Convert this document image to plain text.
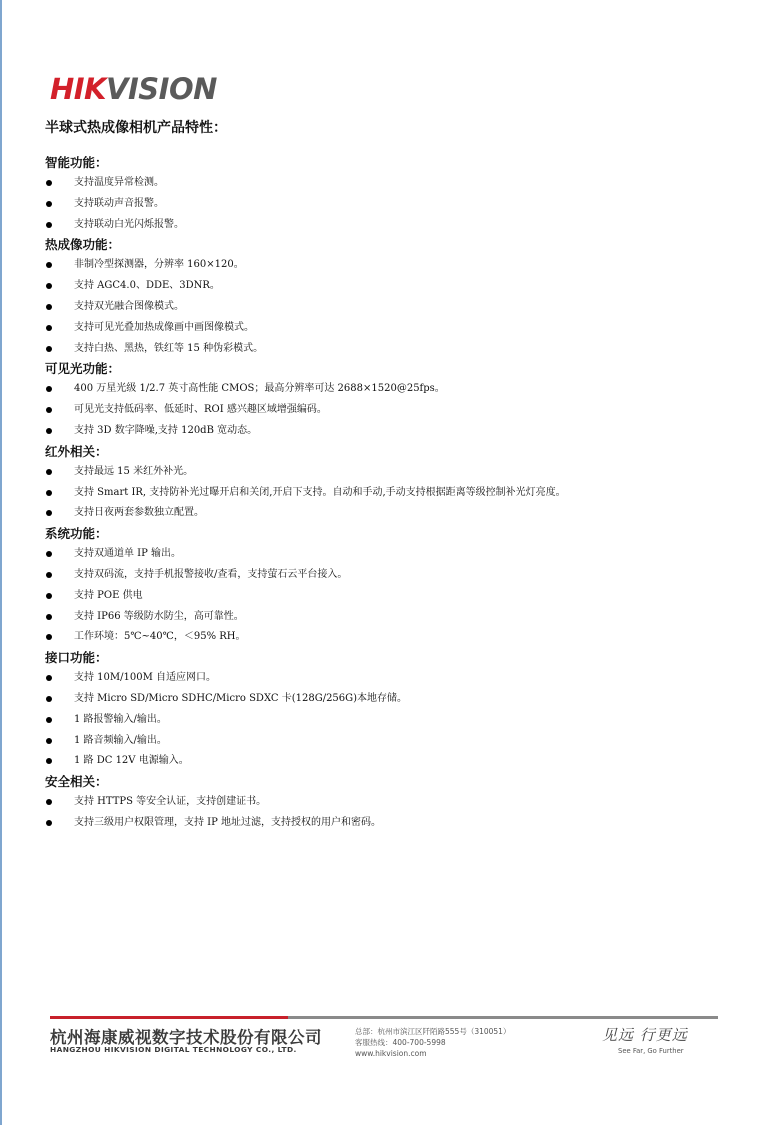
HIKVISION
半球式热成像相机产品特性：
智能功能：
支持温度异常检测。
支持联动声音报警。
支持联动白光闪烁报警。
热成像功能：
非制冷型探测器，分辨率 160×120。
支持 AGC4.0、DDE、3DNR。
支持双光融合图像模式。
支持可见光叠加热成像画中画图像模式。
支持白热、黑热，铁红等 15 种伪彩模式。
可见光功能：
400 万星光级 1/2.7 英寸高性能 CMOS；最高分辨率可达 2688×1520@25fps。
可见光支持低码率、低延时、ROI 感兴趣区域增强编码。
支持 3D 数字降噪,支持 120dB 宽动态。
红外相关：
支持最远 15 米红外补光。
支持 Smart IR, 支持防补光过曝开启和关闭,开启下支持。自动和手动,手动支持根据距离等级控制补光灯亮度。
支持日夜两套参数独立配置。
系统功能：
支持双通道单 IP 输出。
支持双码流，支持手机报警接收/查看，支持萤石云平台接入。
支持 POE 供电
支持 IP66 等级防水防尘，高可靠性。
工作环境：5℃~40℃，＜95% RH。
接口功能：
支持 10M/100M 自适应网口。
支持 Micro SD/Micro SDHC/Micro SDXC 卡(128G/256G)本地存储。
1 路报警输入/输出。
1 路音频输入/输出。
1 路 DC 12V 电源输入。
安全相关：
支持 HTTPS 等安全认证，支持创建证书。
支持三级用户权限管理，支持 IP 地址过滤，支持授权的用户和密码。
杭州海康威视数字技术股份有限公司
HANGZHOU HIKVISION DIGITAL TECHNOLOGY CO., LTD.
总部：杭州市滨江区阡陌路555号（310051）
客服热线：400-700-5998
www.hikvision.com
见远 行更远
See Far, Go Further
